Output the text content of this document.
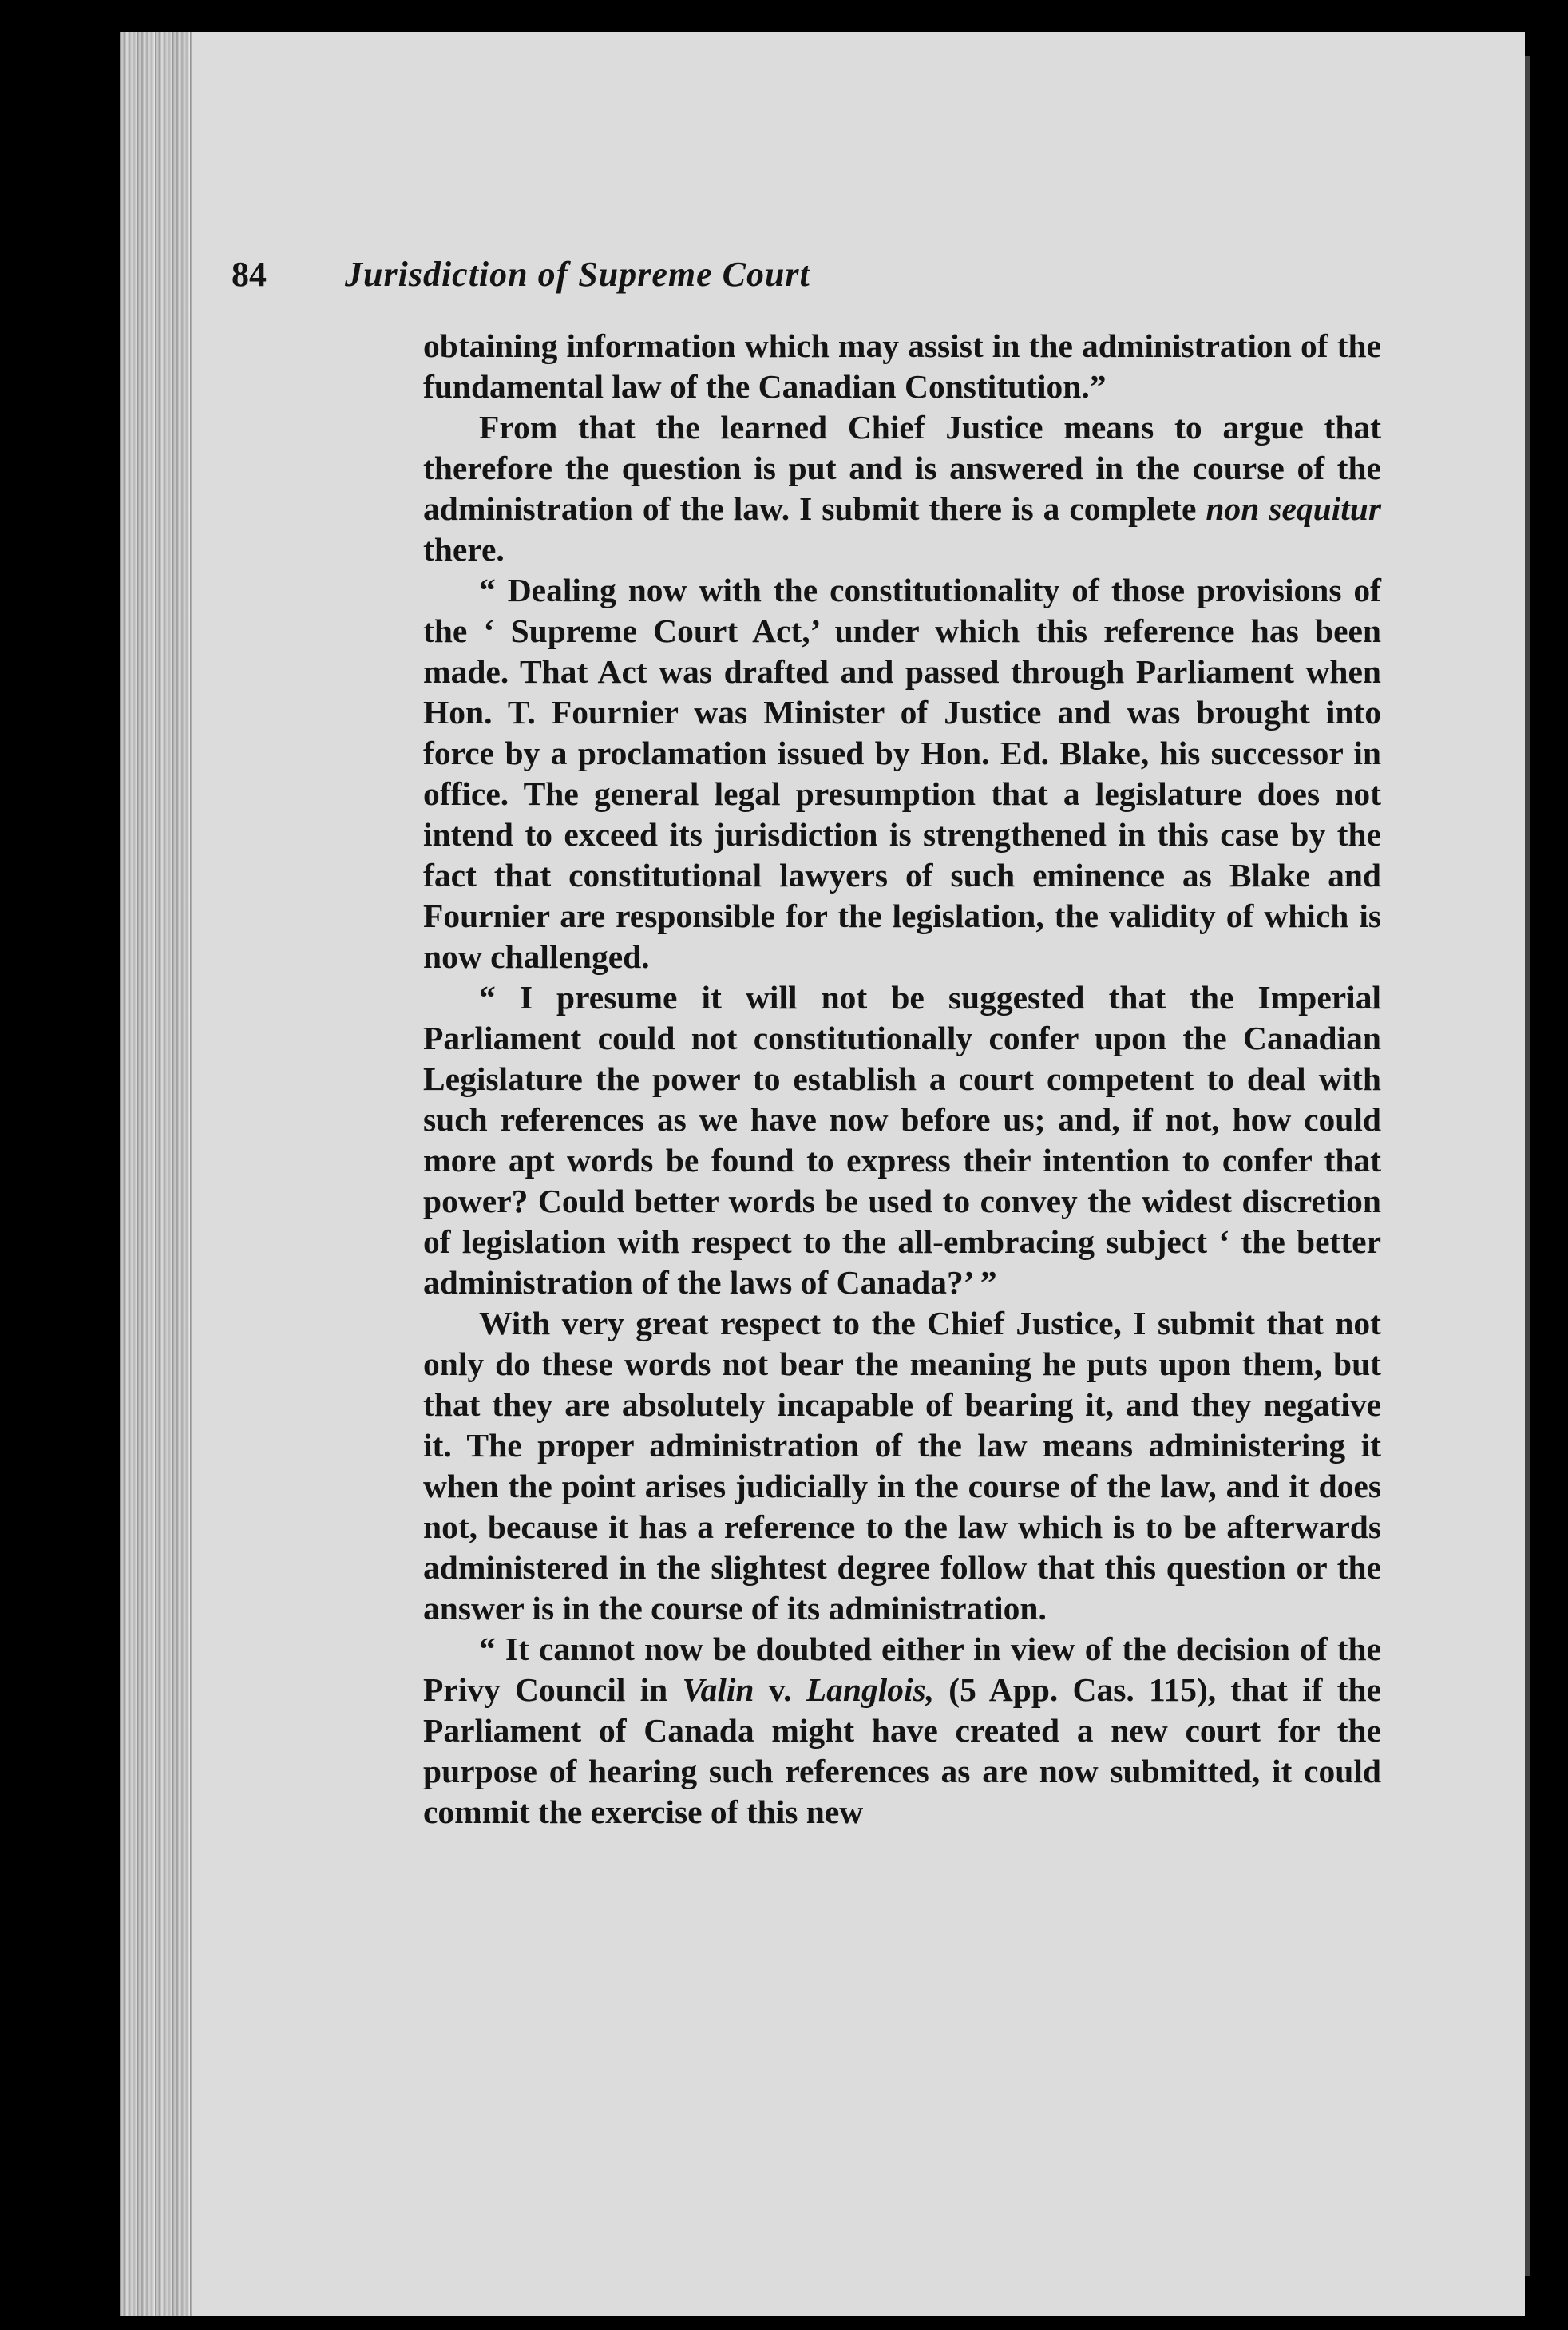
84 Jurisdiction of Supreme Court

obtaining information which may assist in the administration of the fundamental law of the Canadian Constitution.”

From that the learned Chief Justice means to argue that therefore the question is put and is answered in the course of the administration of the law. I submit there is a complete non sequitur there.

“ Dealing now with the constitutionality of those provisions of the ‘ Supreme Court Act,’ under which this reference has been made. That Act was drafted and passed through Parliament when Hon. T. Fournier was Minister of Justice and was brought into force by a proclamation issued by Hon. Ed. Blake, his successor in office. The general legal presumption that a legislature does not intend to exceed its jurisdiction is strengthened in this case by the fact that constitutional lawyers of such eminence as Blake and Fournier are responsible for the legislation, the validity of which is now challenged.

“ I presume it will not be suggested that the Imperial Parliament could not constitutionally confer upon the Canadian Legislature the power to establish a court competent to deal with such references as we have now before us; and, if not, how could more apt words be found to express their intention to confer that power? Could better words be used to convey the widest discretion of legislation with respect to the all-embracing subject ‘ the better administration of the laws of Canada?’ ”

With very great respect to the Chief Justice, I submit that not only do these words not bear the meaning he puts upon them, but that they are absolutely incapable of bearing it, and they negative it. The proper administration of the law means administering it when the point arises judicially in the course of the law, and it does not, because it has a reference to the law which is to be afterwards administered in the slightest degree follow that this question or the answer is in the course of its administration.

“ It cannot now be doubted either in view of the decision of the Privy Council in Valin v. Langlois, (5 App. Cas. 115), that if the Parliament of Canada might have created a new court for the purpose of hearing such references as are now submitted, it could commit the exercise of this new
